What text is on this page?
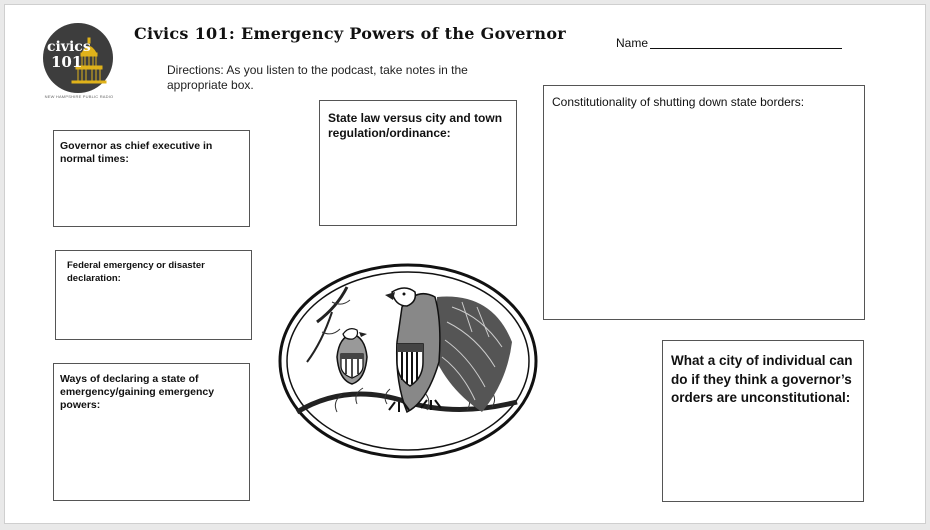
civics
101
NEW HAMPSHIRE PUBLIC RADIO
Civics 101: Emergency Powers of the Governor	Name
Directions: As you listen to the podcast, take notes in the appropriate box.
Governor as chief executive in normal times:
Federal emergency or disaster declaration:
Ways of declaring a state of emergency/gaining emergency powers:
State law versus city and town regulation/ordinance:
Constitutionality of shutting down state borders:
What a city of individual can do if they think a governor’s orders are unconstitutional:
